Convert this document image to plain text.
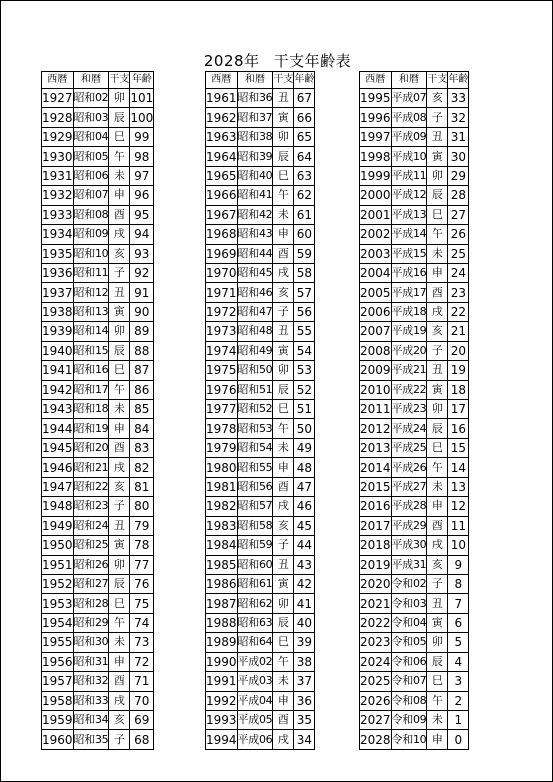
2028年 干支年齢表
西暦	和暦	干支	年齢
1927	昭和02	卯	101
1928	昭和03	辰	100
1929	昭和04	巳	99
1930	昭和05	午	98
1931	昭和06	未	97
1932	昭和07	申	96
1933	昭和08	酉	95
1934	昭和09	戌	94
1935	昭和10	亥	93
1936	昭和11	子	92
1937	昭和12	丑	91
1938	昭和13	寅	90
1939	昭和14	卯	89
1940	昭和15	辰	88
1941	昭和16	巳	87
1942	昭和17	午	86
1943	昭和18	未	85
1944	昭和19	申	84
1945	昭和20	酉	83
1946	昭和21	戌	82
1947	昭和22	亥	81
1948	昭和23	子	80
1949	昭和24	丑	79
1950	昭和25	寅	78
1951	昭和26	卯	77
1952	昭和27	辰	76
1953	昭和28	巳	75
1954	昭和29	午	74
1955	昭和30	未	73
1956	昭和31	申	72
1957	昭和32	酉	71
1958	昭和33	戌	70
1959	昭和34	亥	69
1960	昭和35	子	68
西暦	和暦	干支	年齢
1961	昭和36	丑	67
1962	昭和37	寅	66
1963	昭和38	卯	65
1964	昭和39	辰	64
1965	昭和40	巳	63
1966	昭和41	午	62
1967	昭和42	未	61
1968	昭和43	申	60
1969	昭和44	酉	59
1970	昭和45	戌	58
1971	昭和46	亥	57
1972	昭和47	子	56
1973	昭和48	丑	55
1974	昭和49	寅	54
1975	昭和50	卯	53
1976	昭和51	辰	52
1977	昭和52	巳	51
1978	昭和53	午	50
1979	昭和54	未	49
1980	昭和55	申	48
1981	昭和56	酉	47
1982	昭和57	戌	46
1983	昭和58	亥	45
1984	昭和59	子	44
1985	昭和60	丑	43
1986	昭和61	寅	42
1987	昭和62	卯	41
1988	昭和63	辰	40
1989	昭和64	巳	39
1990	平成02	午	38
1991	平成03	未	37
1992	平成04	申	36
1993	平成05	酉	35
1994	平成06	戌	34
西暦	和暦	干支	年齢
1995	平成07	亥	33
1996	平成08	子	32
1997	平成09	丑	31
1998	平成10	寅	30
1999	平成11	卯	29
2000	平成12	辰	28
2001	平成13	巳	27
2002	平成14	午	26
2003	平成15	未	25
2004	平成16	申	24
2005	平成17	酉	23
2006	平成18	戌	22
2007	平成19	亥	21
2008	平成20	子	20
2009	平成21	丑	19
2010	平成22	寅	18
2011	平成23	卯	17
2012	平成24	辰	16
2013	平成25	巳	15
2014	平成26	午	14
2015	平成27	未	13
2016	平成28	申	12
2017	平成29	酉	11
2018	平成30	戌	10
2019	平成31	亥	9
2020	令和02	子	8
2021	令和03	丑	7
2022	令和04	寅	6
2023	令和05	卯	5
2024	令和06	辰	4
2025	令和07	巳	3
2026	令和08	午	2
2027	令和09	未	1
2028	令和10	申	0
